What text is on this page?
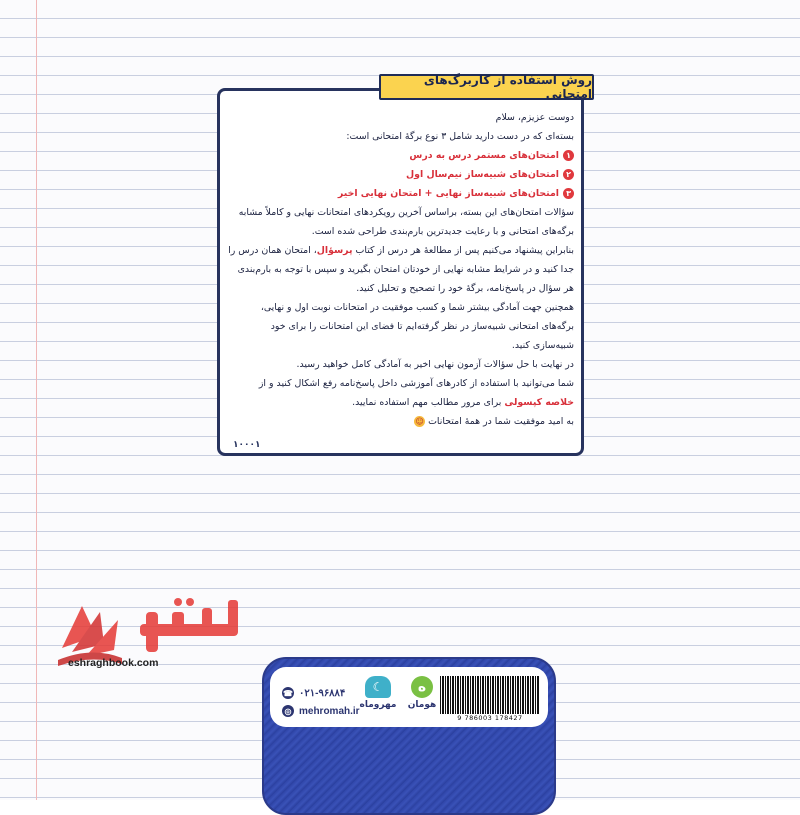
روش استفاده از کاربرگ‌های امتحانی

دوست عزیزم، سلام

بسته‌ای که در دست دارید شامل ۳ نوع برگهٔ امتحانی است:

۱
امتحان‌های مستمر درس به درس
۲
امتحان‌های شبیه‌ساز نیم‌سال اول
۳
امتحان‌های شبیه‌ساز نهایی + امتحان نهایی اخیر

سؤالات امتحان‌های این بسته، براساس آخرین رویکردهای امتحانات نهایی و کاملاً مشابه برگه‌های امتحانی و با رعایت جدیدترین بارم‌بندی طراحی شده است.

بنابراین پیشنهاد می‌کنیم پس از مطالعهٔ هر درس از کتاب پرسؤال، امتحان همان درس را جدا کنید و در شرایط مشابه نهایی از خودتان امتحان بگیرید و سپس با توجه به بارم‌بندی هر سؤال در پاسخ‌نامه، برگهٔ خود را تصحیح و تحلیل کنید.

همچنین جهت آمادگی بیشتر شما و کسب موفقیت در امتحانات نوبت اول و نهایی، برگه‌های امتحانی شبیه‌ساز در نظر گرفته‌ایم تا فضای این امتحانات را برای خود شبیه‌سازی کنید.

در نهایت با حل سؤالات آزمون نهایی اخیر به آمادگی کامل خواهید رسید.

شما می‌توانید با استفاده از کادرهای آموزشی داخل پاسخ‌نامه رفع اشکال کنید و از خلاصه کپسولی برای مرور مطالب مهم استفاده نمایید.

به امید موفقیت شما در همهٔ امتحانات ☺

۱۰۰۰۱
eshraghbook.com
9 786003 178427
ه
هومان
☾
مهروماه
☎ ۰۲۱-۹۶۸۸۴
◎ mehromah.ir
